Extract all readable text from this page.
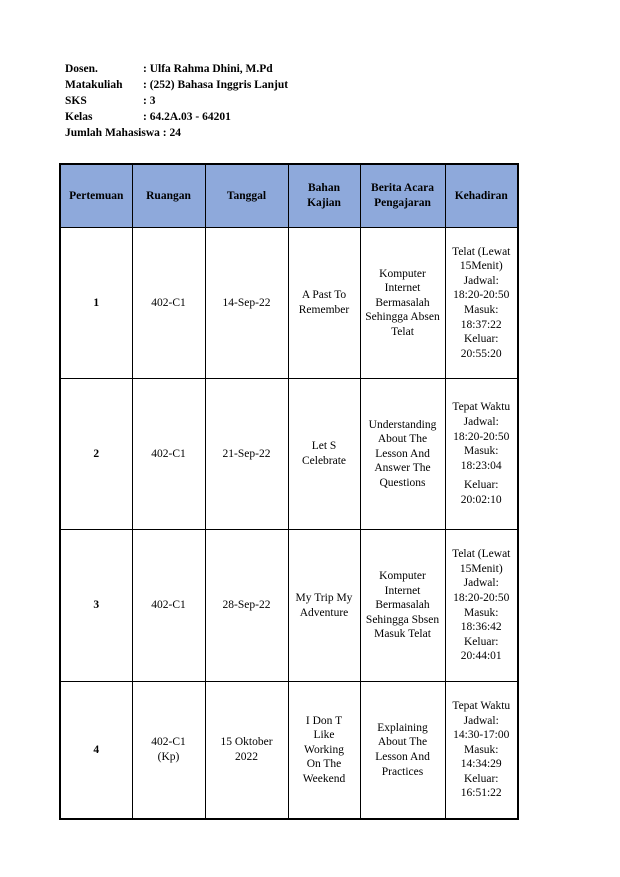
Dosen.	: Ulfa Rahma Dhini, M.Pd
Matakuliah	: (252) Bahasa Inggris Lanjut
SKS	: 3
Kelas	: 64.2A.03 - 64201
Jumlah Mahasiswa : 24
Pertemuan	Ruangan	Tanggal	Bahan Kajian	Berita Acara Pengajaran	Kehadiran
1	402-C1	14-Sep-22	A Past To Remember	Komputer Internet Bermasalah Sehingga Absen Telat	Telat (Lewat 15Menit)
Jadwal: 18:20-20:50
Masuk: 18:37:22
Keluar: 20:55:20

2	402-C1	21-Sep-22	Let S Celebrate	Understanding About The Lesson And Answer The Questions	Tepat Waktu
Jadwal: 18:20-20:50
Masuk: 18:23:04
Keluar: 20:02:10

3	402-C1	28-Sep-22	My Trip My Adventure	Komputer Internet Bermasalah Sehingga Sbsen Masuk Telat	Telat (Lewat 15Menit)
Jadwal: 18:20-20:50
Masuk: 18:36:42
Keluar: 20:44:01

4	402-C1 (Kp)	15 Oktober 2022	I Don T Like Working On The Weekend	Explaining About The Lesson And Practices	Tepat Waktu
Jadwal: 14:30-17:00
Masuk: 14:34:29
Keluar: 16:51:22
